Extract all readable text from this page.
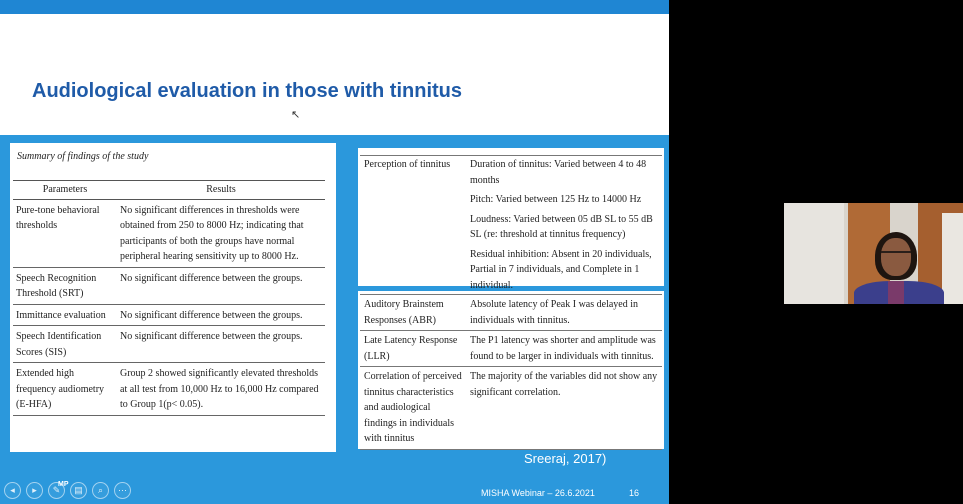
Audiological evaluation in those with tinnitus
↖
Summary of findings of the study
Parameters	Results
Pure-tone behavioral thresholds	No significant differences in thresholds were obtained from 250 to 8000 Hz; indicating that participants of both the groups have normal peripheral hearing sensitivity up to 8000 Hz.
Speech Recognition Threshold (SRT)	No significant difference between the groups.
Immittance evaluation	No significant difference between the groups.
Speech Identification Scores (SIS)	No significant difference between the groups.
Extended high frequency audiometry (E-HFA)	Group 2 showed significantly elevated thresholds at all test from 10,000 Hz to 16,000 Hz compared to Group 1(p< 0.05).
Perception of tinnitus	Duration of tinnitus: Varied between 4 to 48 months
Pitch: Varied between 125 Hz to 14000 Hz
Loudness: Varied between 05 dB SL to 55 dB SL (re: threshold at tinnitus frequency)
Residual inhibition: Absent in 20 individuals, Partial in 7 individuals, and Complete in 1 individual.
Auditory Brainstem Responses (ABR)	Absolute latency of Peak I was delayed in individuals with tinnitus.
Late Latency Response (LLR)	The P1 latency was shorter and amplitude was found to be larger in individuals with tinnitus.
Correlation of perceived tinnitus characteristics and audiological findings in individuals with tinnitus	The majority of the variables did not show any significant correlation.
Sreeraj, 2017)
MISHA Webinar – 26.6.2021	16
MP
◂ ▸ ✎ ▤ ⌕ ⋯
